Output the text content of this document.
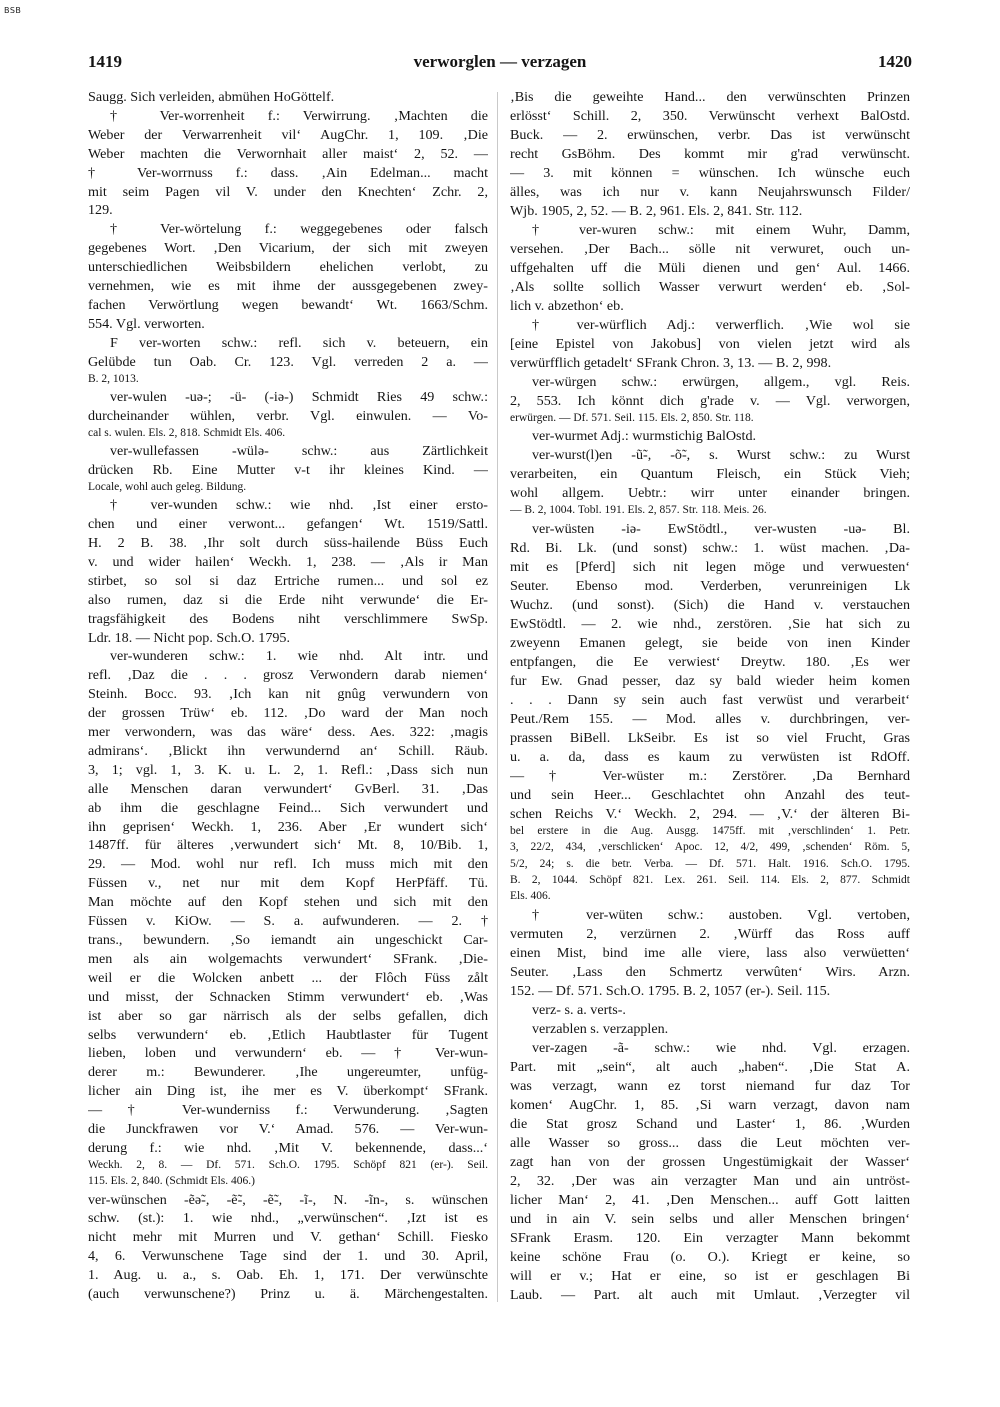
BSB
1419	verworglen — verzagen	1420
Saugg. Sich verleiden, abmühen HoGöttelf.
† Ver-worrenheit f.: Verwirrung. ‚Machten die
Weber der Verwarrenheit vil‘ AugChr. 1, 109. ‚Die
Weber machten die Verwornhait aller maist‘ 2, 52. —
† Ver-worrnuss f.: dass. ‚Ain Edelman... macht
mit seim Pagen vil V. under den Knechten‘ Zchr. 2,
129.
† Ver-wörtelung f.: weggegebenes oder falsch
gegebenes Wort. ‚Den Vicarium, der sich mit zweyen
unterschiedlichen Weibsbildern ehelichen verlobt, zu
vernehmen, wie es mit ihme der aussgegebenen zwey-
fachen Verwörtlung wegen bewandt‘ Wt. 1663/Schm.
554. Vgl. verworten.
F ver-worten schw.: refl. sich v. beteuern, ein
Gelübde tun Oab. Cr. 123. Vgl. verreden 2 a. —
B. 2, 1013.
ver-wulen -uə-; -ü- (-iə-) Schmidt Ries 49 schw.:
durcheinander wühlen, verbr. Vgl. einwulen. — Vo-
cal s. wulen. Els. 2, 818. Schmidt Els. 406.
ver-wullefassen -wülə- schw.: aus Zärtlichkeit
drücken Rb. Eine Mutter v-t ihr kleines Kind. —
Locale, wohl auch geleg. Bildung.
† ver-wunden schw.: wie nhd. ‚Ist einer ersto-
chen und einer verwont... gefangen‘ Wt. 1519/Sattl.
H. 2 B. 38. ‚Ihr solt durch süss-hailende Büss Euch
v. und wider hailen‘ Weckh. 1, 238. — ‚Als ir Man
stirbet, so sol si daz Ertriche rumen... und sol ez
also rumen, daz si die Erde niht verwunde‘ die Er-
tragsfähigkeit des Bodens niht verschlimmere SwSp.
Ldr. 18. — Nicht pop. Sch.O. 1795.
ver-wunderen schw.: 1. wie nhd. Alt intr. und
refl. ‚Daz die . . . grosz Verwondern darab niemen‘
Steinh. Bocc. 93. ‚Ich kan nit gnûg verwundern von
der grossen Trüw‘ eb. 112. ‚Do ward der Man noch
mer verwondern, was das wäre‘ dess. Aes. 322: ‚magis
admirans‘. ‚Blickt ihn verwundernd an‘ Schill. Räub.
3, 1; vgl. 1, 3. K. u. L. 2, 1. Refl.: ‚Dass sich nun
alle Menschen daran verwundert‘ GvBerl. 31. ‚Das
ab ihm die geschlagne Feind... Sich verwundert und
ihn geprisen‘ Weckh. 1, 236. Aber ‚Er wundert sich‘
1487ff. für älteres ‚verwundert sich‘ Mt. 8, 10/Bib. 1,
29. — Mod. wohl nur refl. Ich muss mich mit den
Füssen v., net nur mit dem Kopf HerPfäff. Tü.
Man möchte auf den Kopf stehen und sich mit den
Füssen v. KiOw. — S. a. aufwunderen. — 2. †
trans., bewundern. ‚So iemandt ain ungeschickt Car-
men als ain wolgemachts verwundert‘ SFrank. ‚Die-
weil er die Wolcken anbett ... der Flôch Füss zålt
und misst, der Schnacken Stimm verwundert‘ eb. ‚Was
ist aber so gar närrisch als der selbs gefallen, dich
selbs verwundern‘ eb. ‚Etlich Haubtlaster für Tugent
lieben, loben und verwundern‘ eb. — † Ver-wun-
derer m.: Bewunderer. ‚Ihe ungereumter, unfüg-
licher ain Ding ist, ihe mer es V. überkompt‘ SFrank.
— † Ver-wunderniss f.: Verwunderung. ‚Sagten
die Junckfrawen vor V.‘ Amad. 576. — Ver-wun-
derung f.: wie nhd. ‚Mit V. bekennende, dass...‘
Weckh. 2, 8. — Df. 571. Sch.O. 1795. Schöpf 821 (er-). Seil.
115. Els. 2, 840. (Schmidt Els. 406.)
ver-wünschen -ẽə̃-, -ẽ̃-, -ẽ̃-, -ĩ-, N. -ĩn-, s. wünschen
schw. (st.): 1. wie nhd., „verwünschen“. ‚Izt ist es
nicht mehr mit Murren und V. gethan‘ Schill. Fiesko
4, 6. Verwunschene Tage sind der 1. und 30. April,
1. Aug. u. a., s. Oab. Eh. 1, 171. Der verwünschte
(auch verwunschene?) Prinz u. ä. Märchengestalten.
‚Bis die geweihte Hand... den verwünschten Prinzen
erlösst‘ Schill. 2, 350. Verwünscht verhext BalOstd.
Buck. — 2. erwünschen, verbr. Das ist verwünscht
recht GsBöhm. Des kommt mir g'rad verwünscht.
— 3. mit können = wünschen. Ich wünsche euch
älles, was ich nur v. kann Neujahrswunsch Filder/
Wjb. 1905, 2, 52. — B. 2, 961. Els. 2, 841. Str. 112.
† ver-wuren schw.: mit einem Wuhr, Damm,
versehen. ‚Der Bach... sölle nit verwuret, ouch un-
uffgehalten uff die Müli dienen und gen‘ Aul. 1466.
‚Als sollte sollich Wasser verwurt werden‘ eb. ‚Sol-
lich v. abzethon‘ eb.
† ver-würflich Adj.: verwerflich. ‚Wie wol sie
[eine Epistel von Jakobus] von vielen jetzt wird als
verwürfflich getadelt‘ SFrank Chron. 3, 13. — B. 2, 998.
ver-würgen schw.: erwürgen, allgem., vgl. Reis.
2, 553. Ich könnt dich g'rade v. — Vgl. verworgen,
erwürgen. — Df. 571. Seil. 115. Els. 2, 850. Str. 118.
ver-wurmet Adj.: wurmstichig BalOstd.
ver-wurst(l)en -ũ̃-, -õ̃-, s. Wurst schw.: zu Wurst
verarbeiten, ein Quantum Fleisch, ein Stück Vieh;
wohl allgem. Uebtr.: wirr unter einander bringen.
— B. 2, 1004. Tobl. 191. Els. 2, 857. Str. 118. Meis. 26.
ver-wüsten -iə- EwStödtl., ver-wusten -uə- Bl.
Rd. Bi. Lk. (und sonst) schw.: 1. wüst machen. ‚Da-
mit es [Pferd] sich nit legen möge und verwuesten‘
Seuter. Ebenso mod. Verderben, verunreinigen Lk
Wuchz. (und sonst). (Sich) die Hand v. verstauchen
EwStödtl. — 2. wie nhd., zerstören. ‚Sie hat sich zu
zweyenn Emanen gelegt, sie beide von inen Kinder
entpfangen, die Ee verwiest‘ Dreytw. 180. ‚Es wer
fur Ew. Gnad pesser, daz sy bald wieder heim komen
. . . Dann sy sein auch fast verwüst und verarbeit‘
Peut./Rem 155. — Mod. alles v. durchbringen, ver-
prassen BiBell. LkSeibr. Es ist so viel Frucht, Gras
u. a. da, dass es kaum zu verwüsten ist RdOff.
— † Ver-wüster m.: Zerstörer. ‚Da Bernhard
und sein Heer... Geschlachtet ohn Anzahl des teut-
schen Reichs V.‘ Weckh. 2, 294. — ‚V.‘ der älteren Bi-
bel erstere in die Aug. Ausgg. 1475ff. mit ‚verschlinden‘ 1. Petr.
3, 22/2, 434, ‚verschlicken‘ Apoc. 12, 4/2, 499, ‚schenden‘ Röm. 5,
5/2, 24; s. die betr. Verba. — Df. 571. Halt. 1916. Sch.O. 1795.
B. 2, 1044. Schöpf 821. Lex. 261. Seil. 114. Els. 2, 877. Schmidt
Els. 406.
† ver-wüten schw.: austoben. Vgl. vertoben,
vermuten 2, verzürnen 2. ‚Würff das Ross auff
einen Mist, bind ime alle viere, lass also verwüetten‘
Seuter. ‚Lass den Schmertz verwûten‘ Wirs. Arzn.
152. — Df. 571. Sch.O. 1795. B. 2, 1057 (er-). Seil. 115.
verz- s. a. verts-.
verzablen s. verzapplen.
ver-zagen -ã- schw.: wie nhd. Vgl. erzagen.
Part. mit „sein“, alt auch „haben“. ‚Die Stat A.
was verzagt, wann ez torst niemand fur daz Tor
komen‘ AugChr. 1, 85. ‚Si warn verzagt, davon nam
die Stat grosz Schand und Laster‘ 1, 86. ‚Wurden
alle Wasser so gross... dass die Leut möchten ver-
zagt han von der grossen Ungestümigkait der Wasser‘
2, 32. ‚Der was ain verzagter Man und ain untröst-
licher Man‘ 2, 41. ‚Den Menschen... auff Gott laitten
und in ain V. sein selbs und aller Menschen bringen‘
SFrank Erasm. 120. Ein verzagter Mann bekommt
keine schöne Frau (o. O.). Kriegt er keine, so
will er v.; Hat er eine, so ist er geschlagen Bi
Laub. — Part. alt auch mit Umlaut. ‚Verzegter vil
